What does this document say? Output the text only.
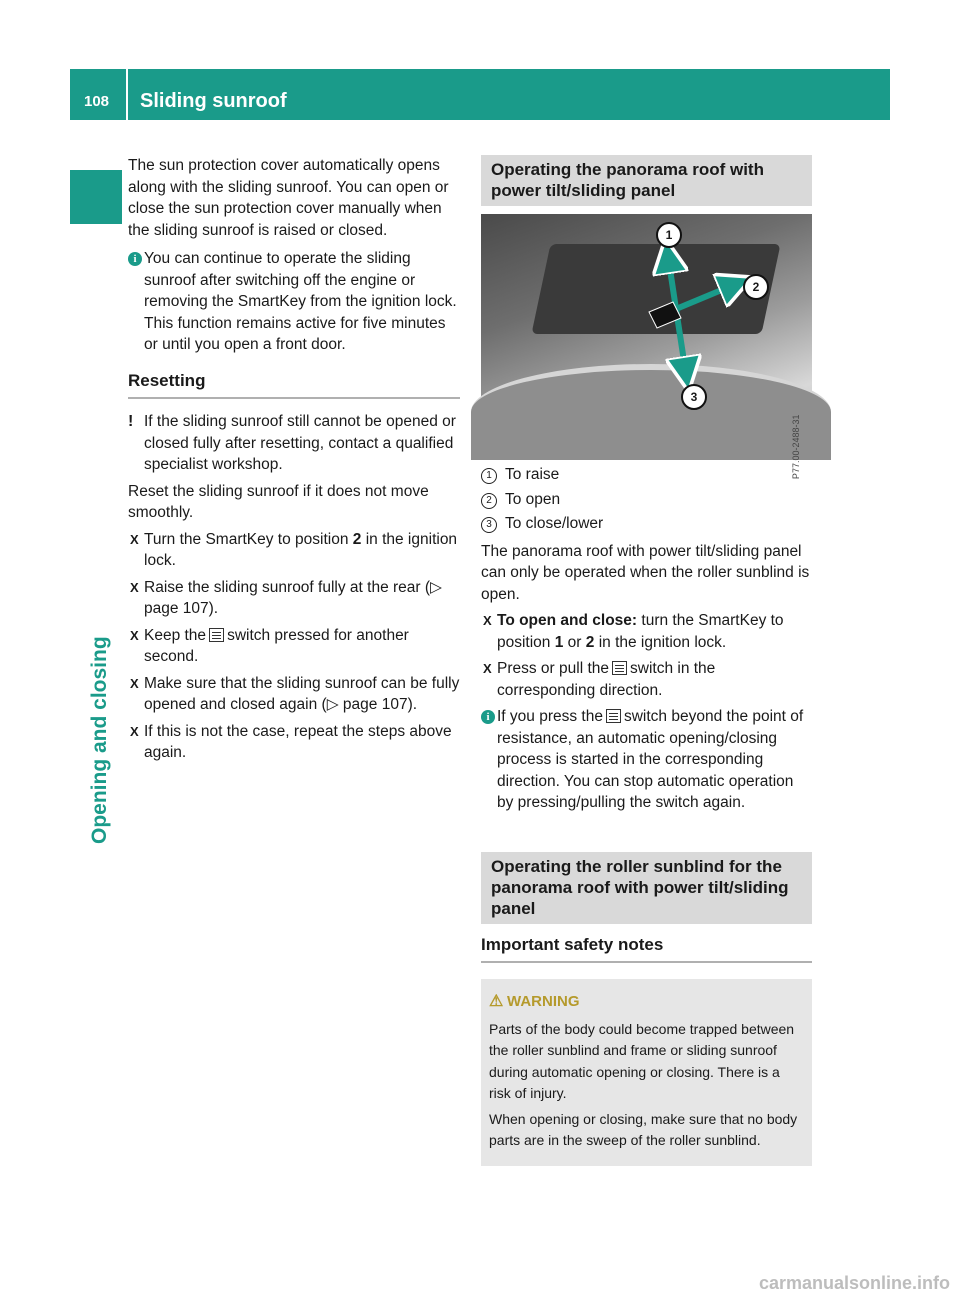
108 Sliding sunroof
Opening and closing

The sun protection cover automatically opens along with the sliding sunroof. You can open or close the sun protection cover manually when the sliding sunroof is raised or closed.

i You can continue to operate the sliding sunroof after switching off the engine or removing the SmartKey from the ignition lock. This function remains active for five minutes or until you open a front door.
Resetting
! If the sliding sunroof still cannot be opened or closed fully after resetting, contact a qualified specialist workshop.

Reset the sliding sunroof if it does not move smoothly.

X Turn the SmartKey to position 2 in the ignition lock.
X Raise the sliding sunroof fully at the rear (▷ page 107).
X Keep the switch pressed for another second.
X Make sure that the sliding sunroof can be fully opened and closed again (▷ page 107).
X If this is not the case, repeat the steps above again.
Operating the panorama roof with power tilt/sliding panel
1
2
3
P77.00-2488-31
1 To raise
2 To open
3 To close/lower

The panorama roof with power tilt/sliding panel can only be operated when the roller sunblind is open.

X To open and close: turn the SmartKey to position 1 or 2 in the ignition lock.
X Press or pull the switch in the corresponding direction.
i If you press the switch beyond the point of resistance, an automatic opening/closing process is started in the corresponding direction. You can stop automatic operation by pressing/pulling the switch again.
Operating the roller sunblind for the panorama roof with power tilt/sliding panel
Important safety notes
⚠ WARNING

Parts of the body could become trapped between the roller sunblind and frame or sliding sunroof during automatic opening or closing. There is a risk of injury.

When opening or closing, make sure that no body parts are in the sweep of the roller sunblind.

carmanualsonline.info
